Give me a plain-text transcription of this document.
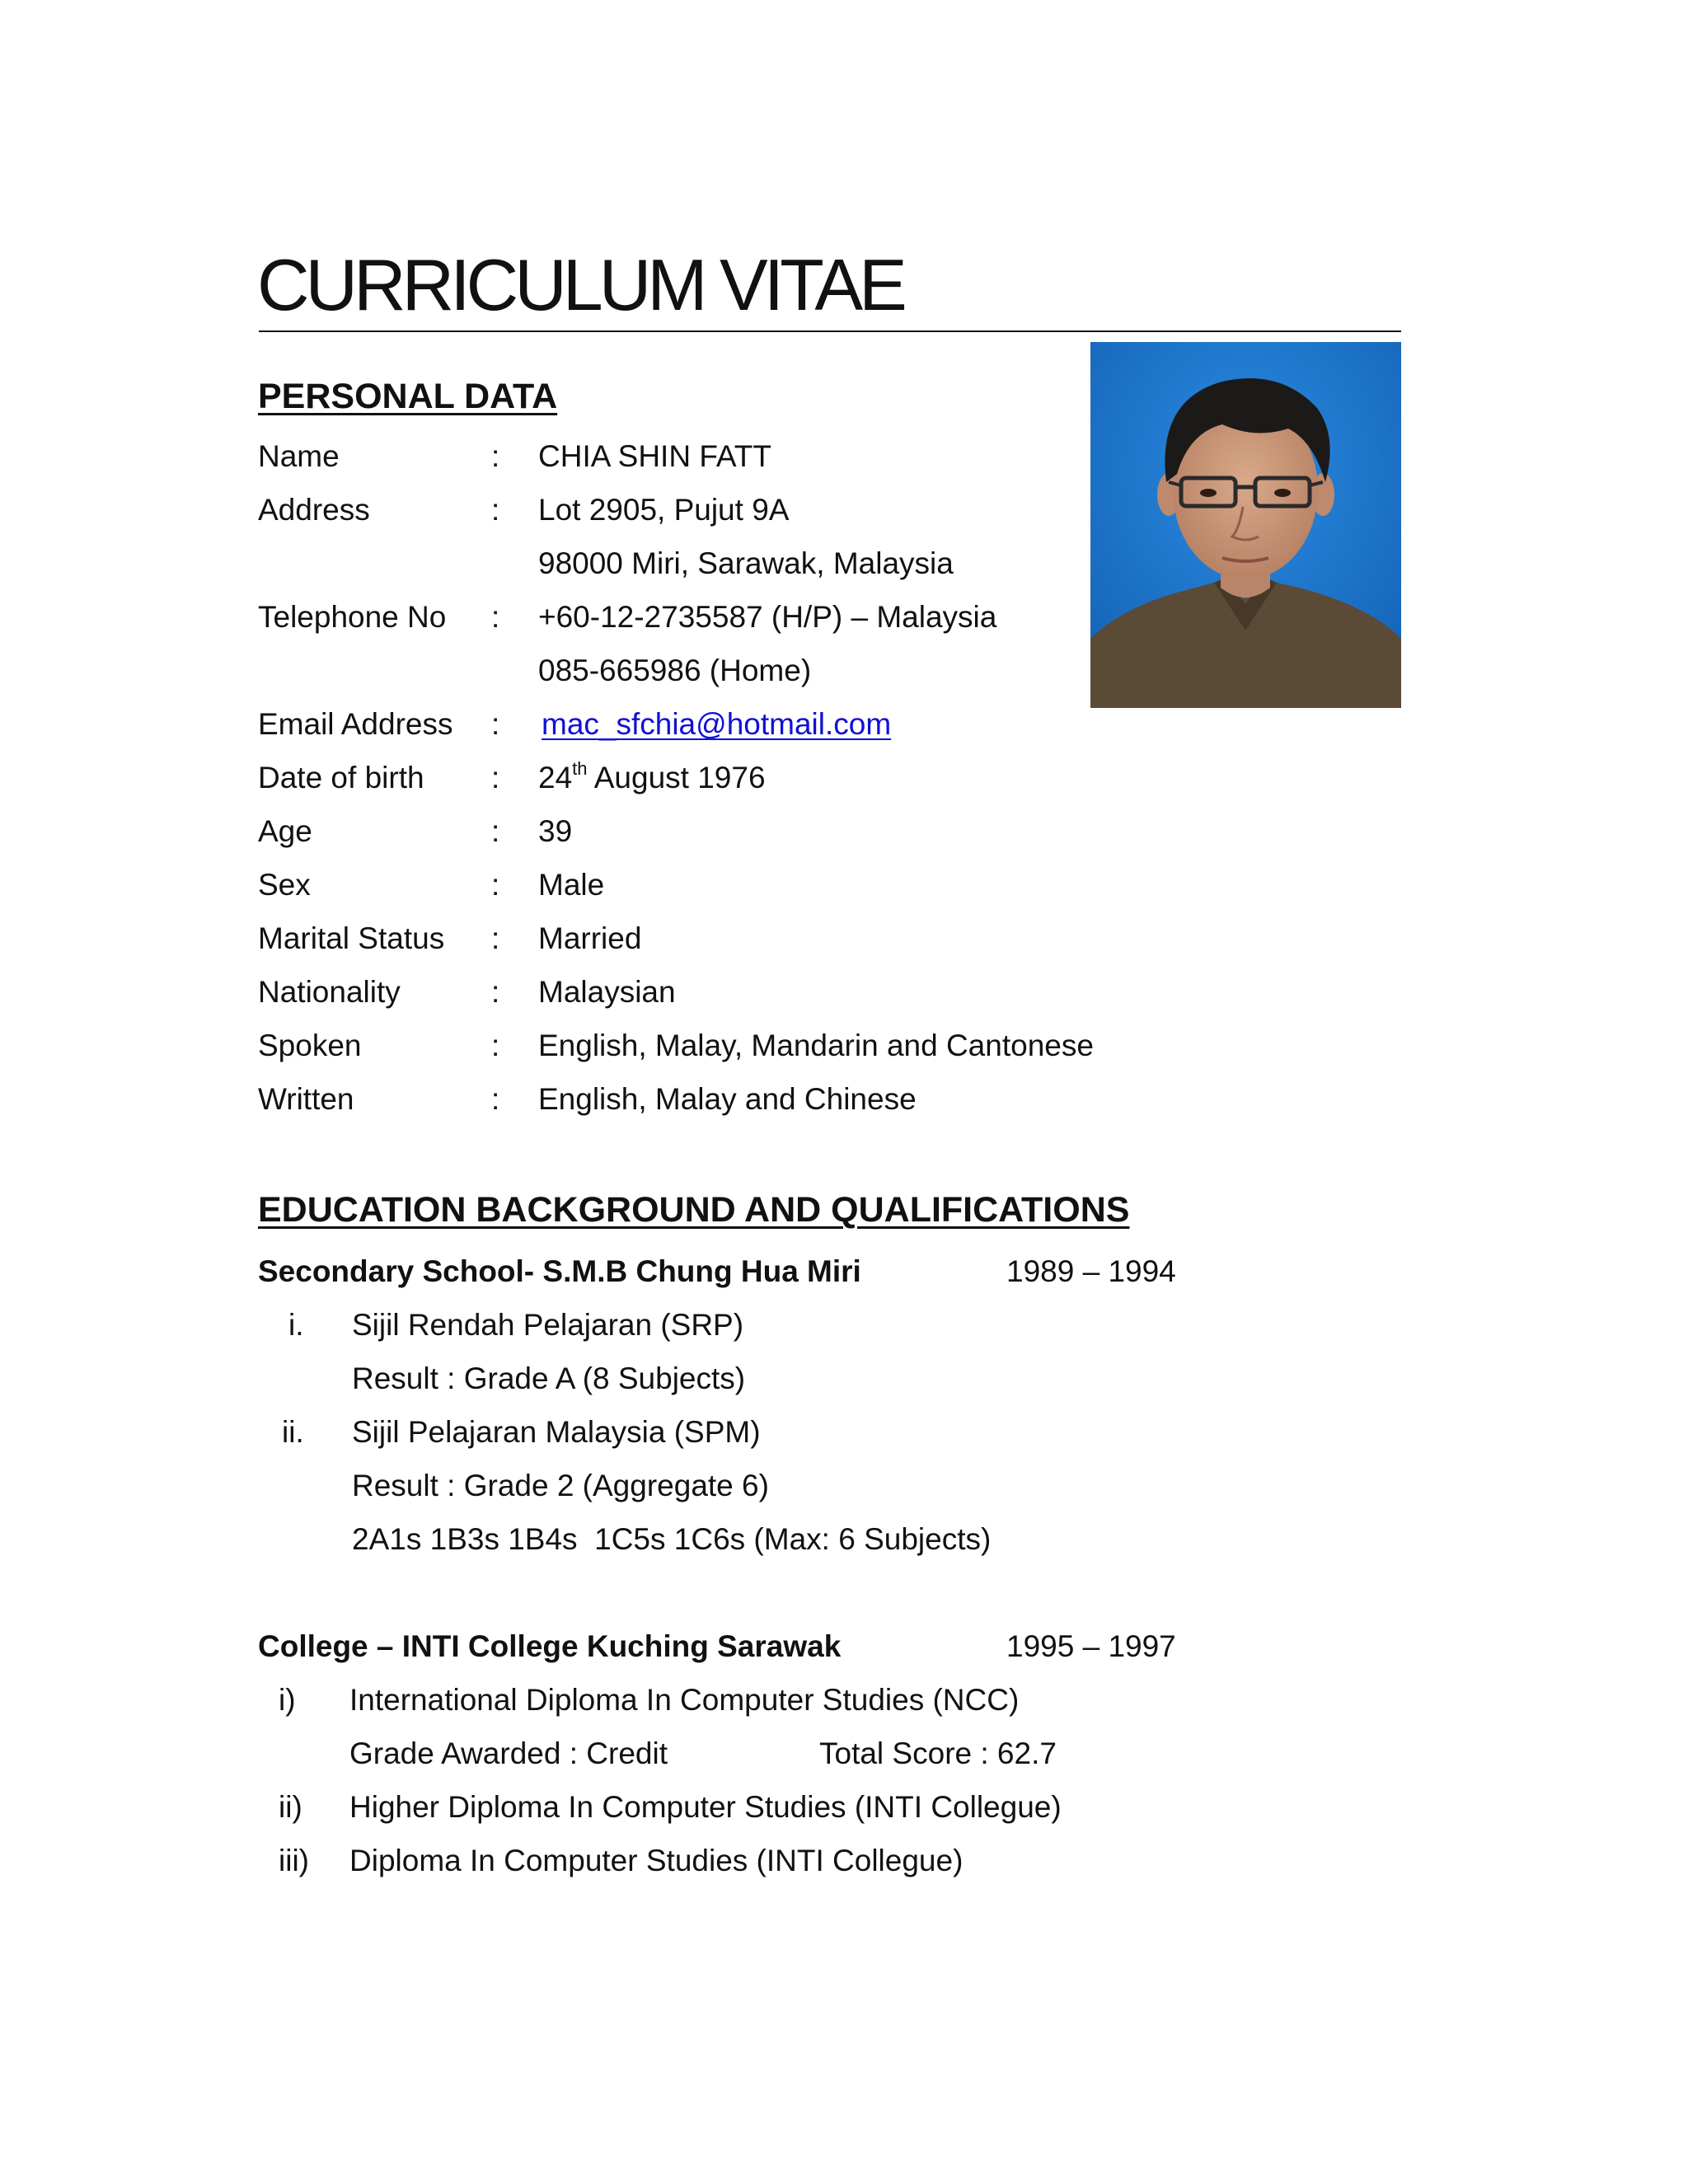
CURRICULUM VITAE
PERSONAL DATA
Name	: CHIA SHIN FATT
Address	: Lot 2905, Pujut 9A
98000 Miri, Sarawak, Malaysia
Telephone No : +60-12-2735587 (H/P) – Malaysia
085-665986 (Home)
Email Address : mac_sfchia@hotmail.com
Date of birth : 24th August 1976
Age	: 39
Sex	: Male
Marital Status : Married
Nationality	: Malaysian
Spoken	: English, Malay, Mandarin and Cantonese
Written	: English, Malay and Chinese
EDUCATION BACKGROUND AND QUALIFICATIONS
Secondary School- S.M.B Chung Hua Miri	1989 – 1994
i. Sijil Rendah Pelajaran (SRP)
Result : Grade A (8 Subjects)
ii. Sijil Pelajaran Malaysia (SPM)
Result : Grade 2 (Aggregate 6)
2A1s 1B3s 1B4s  1C5s 1C6s (Max: 6 Subjects)
College – INTI College Kuching Sarawak	1995 – 1997
i) International Diploma In Computer Studies (NCC)
Grade Awarded : Credit	Total Score : 62.7
ii) Higher Diploma In Computer Studies (INTI Collegue)
iii) Diploma In Computer Studies (INTI Collegue)
